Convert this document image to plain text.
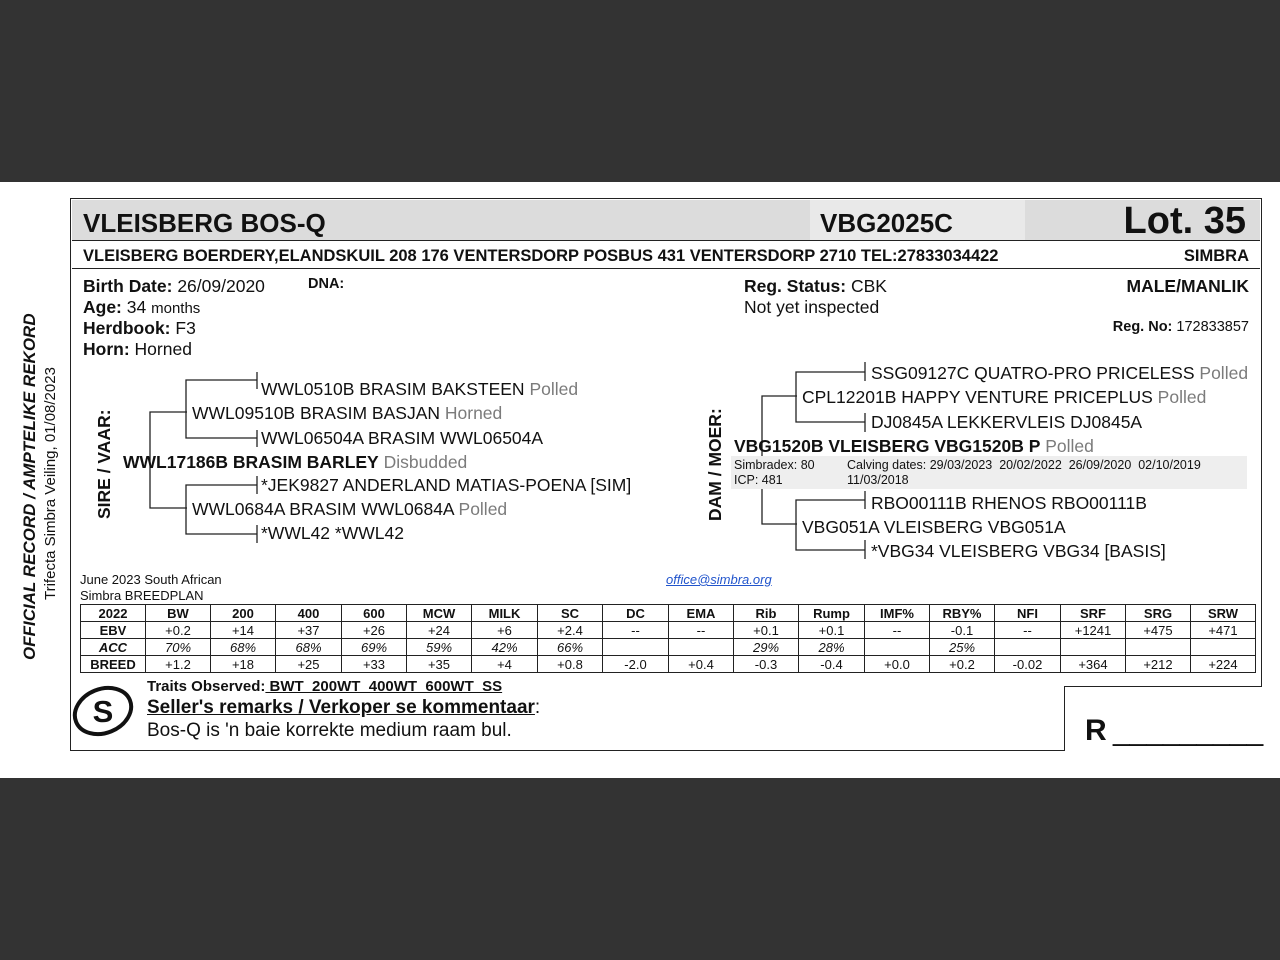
VLEISBERG BOS-Q	VBG2025C	Lot. 35
VLEISBERG BOERDERY,ELANDSKUIL 208 176 VENTERSDORP POSBUS 431 VENTERSDORP 2710 TEL:27833034422	SIMBRA
Birth Date: 26/09/2020	DNA:
Age: 34 months
Herdbook: F3
Horn: Horned
Reg. Status: CBK
Not yet inspected
MALE/MANLIK
Reg. No: 172833857
OFFICIAL RECORD / AMPTELIKE REKORD Trifecta Simbra Veiling, 01/08/2023 SIRE / VAAR:
WWL0510B BRASIM BAKSTEEN Polled
WWL09510B BRASIM BASJAN Horned
WWL06504A BRASIM WWL06504A
WWL17186B BRASIM BARLEY Disbudded
*JEK9827 ANDERLAND MATIAS-POENA [SIM]
WWL0684A BRASIM WWL0684A Polled
*WWL42 *WWL42
DAM / MOER:
SSG09127C QUATRO-PRO PRICELESS Polled
CPL12201B HAPPY VENTURE PRICEPLUS Polled
DJ0845A LEKKERVLEIS DJ0845A
VBG1520B VLEISBERG VBG1520B P Polled
Simbradex: 80
ICP: 481
Calving dates: 29/03/2023  20/02/2022  26/09/2020  02/10/2019
11/03/2018
RBO00111B RHENOS RBO00111B
VBG051A VLEISBERG VBG051A
*VBG34 VLEISBERG VBG34 [BASIS]
June 2023 South African
Simbra BREEDPLAN
office@simbra.org
2022	BW	200	400	600	MCW	MILK	SC	DC	EMA	Rib	Rump	IMF%	RBY%	NFI	SRF	SRG	SRW
EBV	+0.2	+14	+37	+26	+24	+6	+2.4	--	--	+0.1	+0.1	--	-0.1	--	+1241	+475	+471
ACC	70%	68%	68%	69%	59%	42%	66%			29%	28%		25%				
BREED	+1.2	+18	+25	+33	+35	+4	+0.8	-2.0	+0.4	-0.3	-0.4	+0.0	+0.2	-0.02	+364	+212	+224
S
Traits Observed: BWT  200WT  400WT  600WT  SS
Seller's remarks / Verkoper se kommentaar:
Bos-Q is 'n baie korrekte medium raam bul.	R _________
